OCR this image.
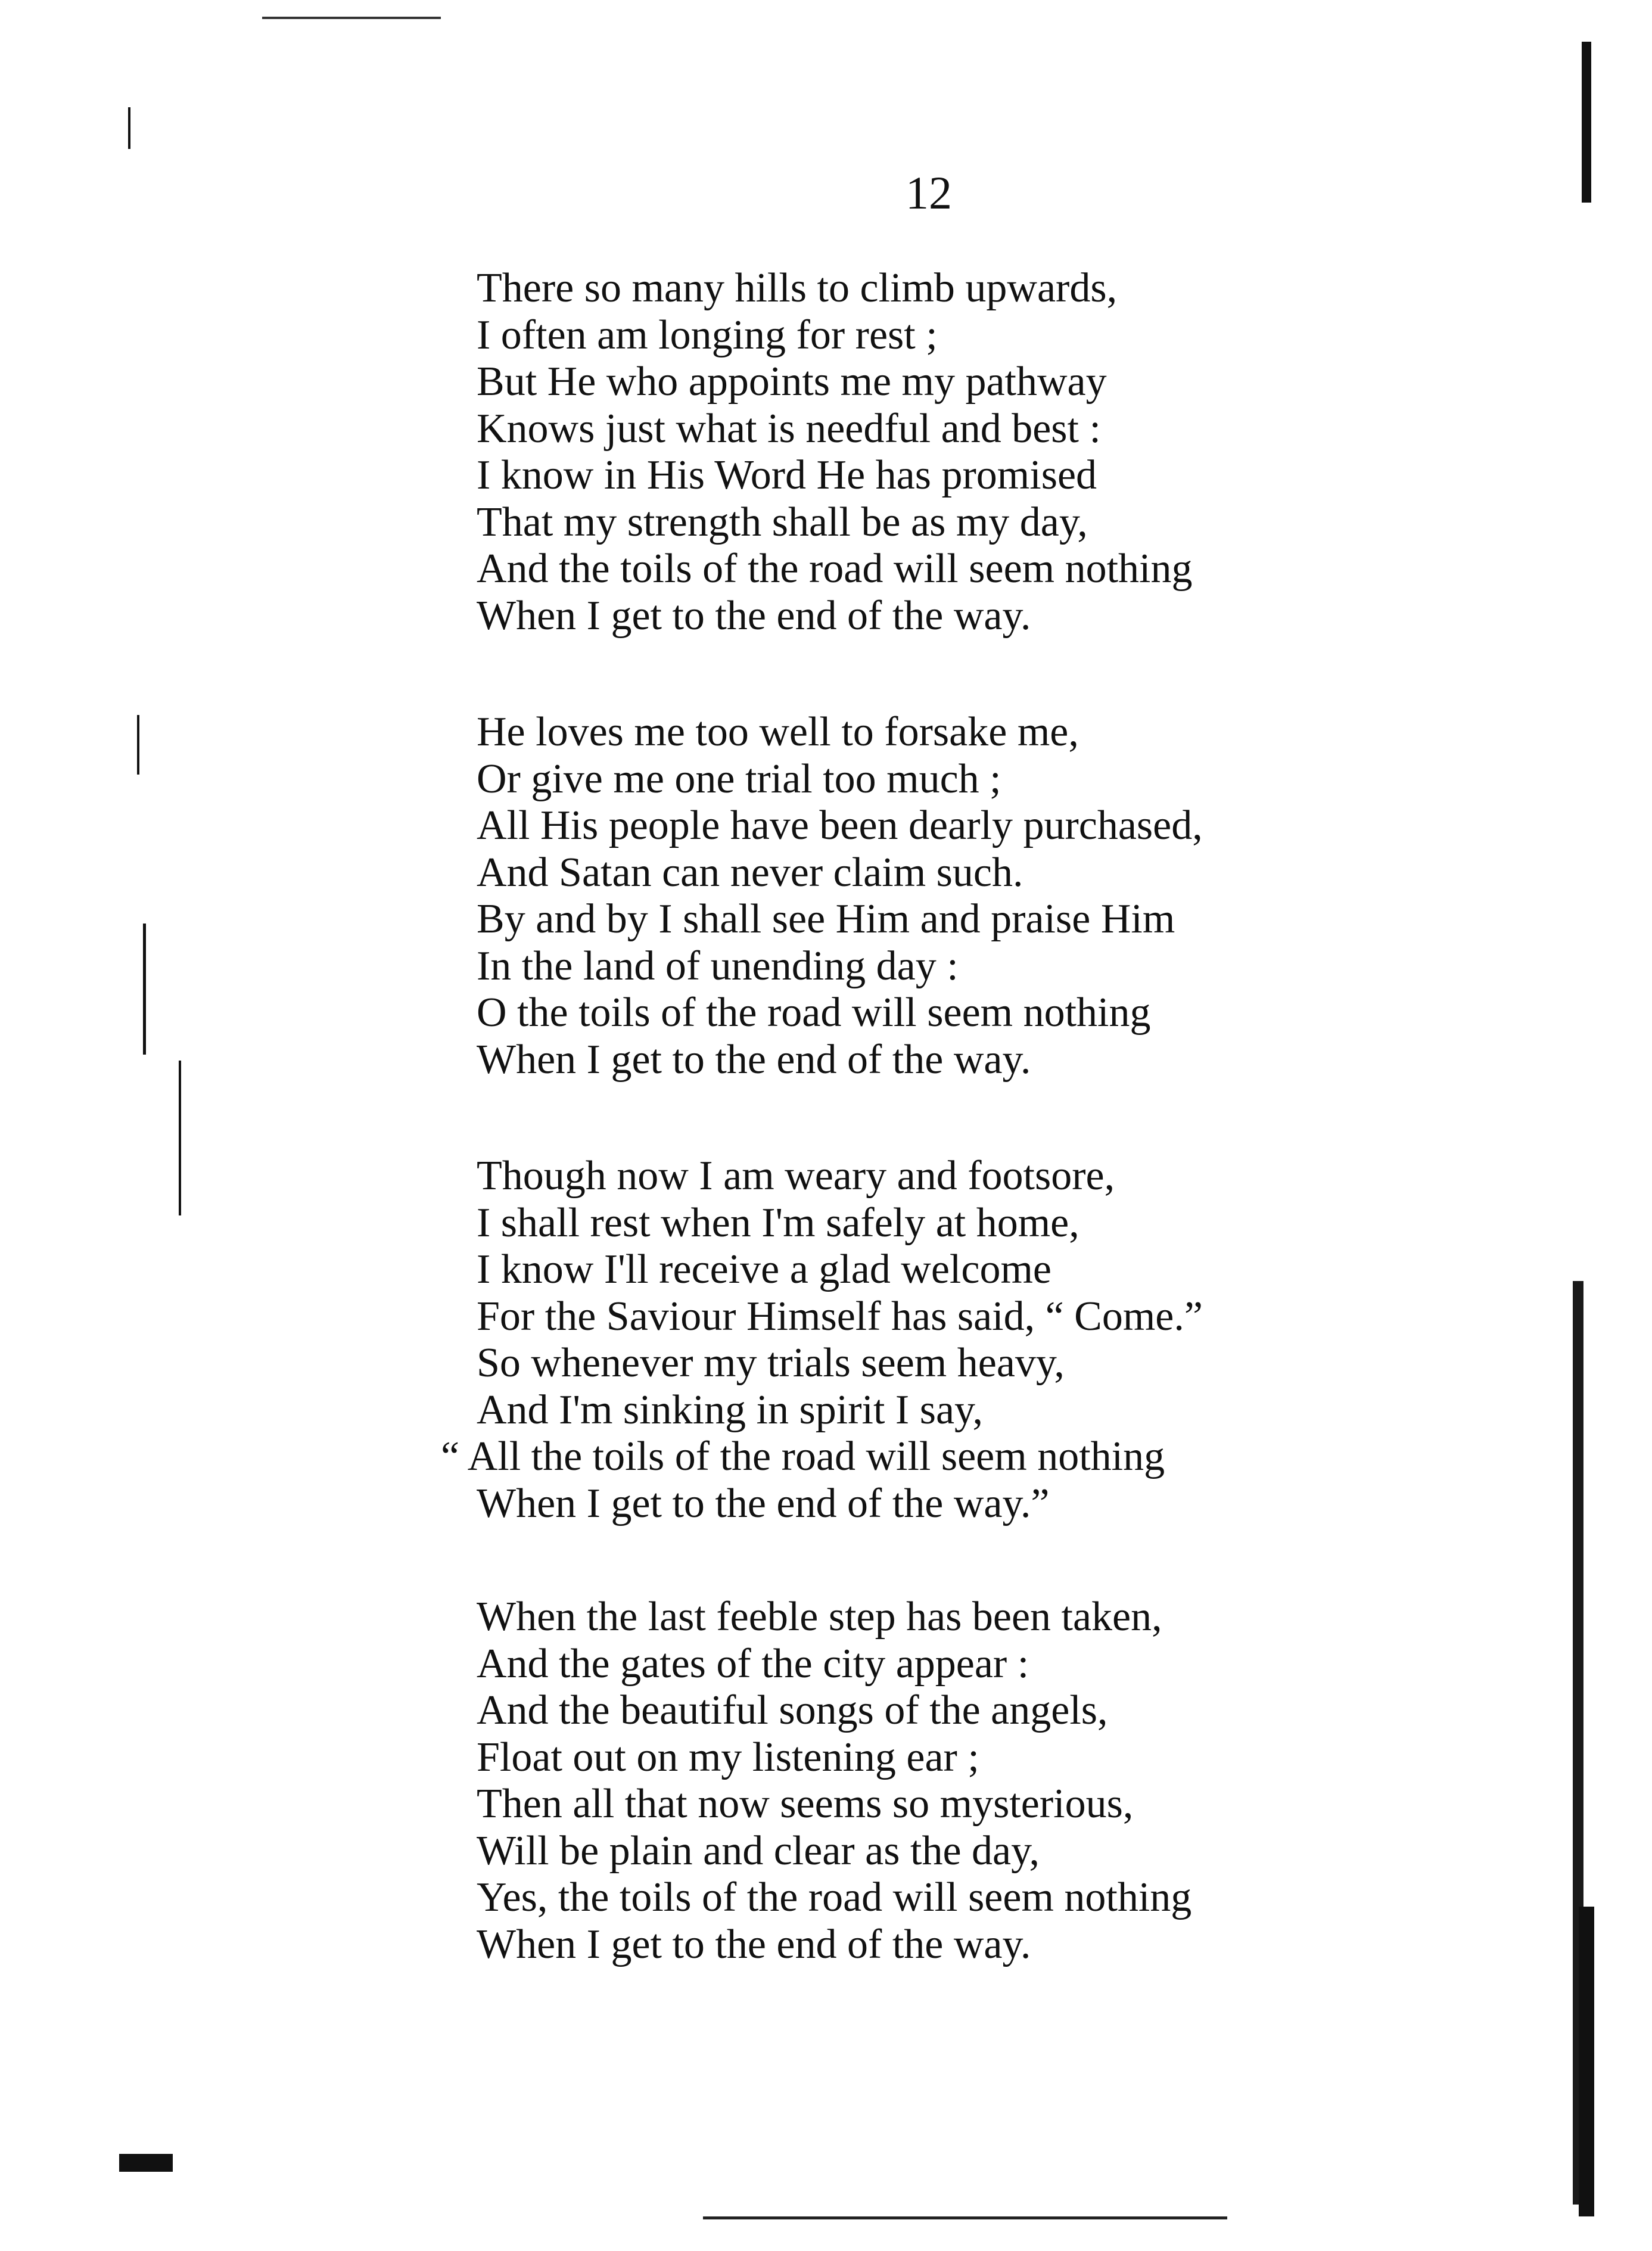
12
There so many hills to climb upwards,
I often am longing for rest ;
But He who appoints me my pathway
Knows just what is needful and best :
I know in His Word He has promised
That my strength shall be as my day,
And the toils of the road will seem nothing
When I get to the end of the way.
He loves me too well to forsake me,
Or give me one trial too much ;
All His people have been dearly purchased,
And Satan can never claim such.
By and by I shall see Him and praise Him
In the land of unending day :
O the toils of the road will seem nothing
When I get to the end of the way.
Though now I am weary and footsore,
I shall rest when I'm safely at home,
I know I'll receive a glad welcome
For the Saviour Himself has said, “ Come.”
So whenever my trials seem heavy,
And I'm sinking in spirit I say,
“ All the toils of the road will seem nothing
When I get to the end of the way.”
When the last feeble step has been taken,
And the gates of the city appear :
And the beautiful songs of the angels,
Float out on my listening ear ;
Then all that now seems so mysterious,
Will be plain and clear as the day,
Yes, the toils of the road will seem nothing
When I get to the end of the way.
